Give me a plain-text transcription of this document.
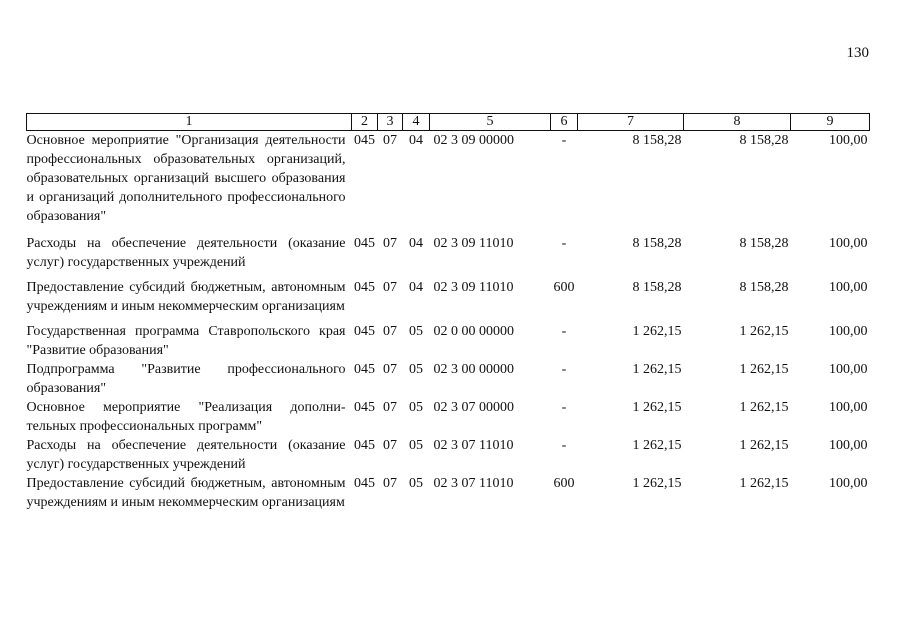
130
1	2	3	4	5	6	7	8	9
Основное мероприятие "Организация деятельности профессиональных образовательных организаций, образовательных организаций высшего образования и организаций дополнительного профессионального образования"	045	07	04	02 3 09 00000	-	8 158,28	8 158,28	100,00
Расходы на обеспечение деятельности (оказание услуг) государственных учреждений	045	07	04	02 3 09 11010	-	8 158,28	8 158,28	100,00
Предоставление субсидий бюджетным, автономным учреждениям и иным некоммерческим организациям	045	07	04	02 3 09 11010	600	8 158,28	8 158,28	100,00
Государственная программа Ставропольского края "Развитие образования"	045	07	05	02 0 00 00000	-	1 262,15	1 262,15	100,00
Подпрограмма "Развитие профессионального образования"	045	07	05	02 3 00 00000	-	1 262,15	1 262,15	100,00
Основное мероприятие "Реализация дополнительных профессиональных программ"	045	07	05	02 3 07 00000	-	1 262,15	1 262,15	100,00
Расходы на обеспечение деятельности (оказание услуг) государственных учреждений	045	07	05	02 3 07 11010	-	1 262,15	1 262,15	100,00
Предоставление субсидий бюджетным, автономным учреждениям и иным некоммерческим организациям	045	07	05	02 3 07 11010	600	1 262,15	1 262,15	100,00
